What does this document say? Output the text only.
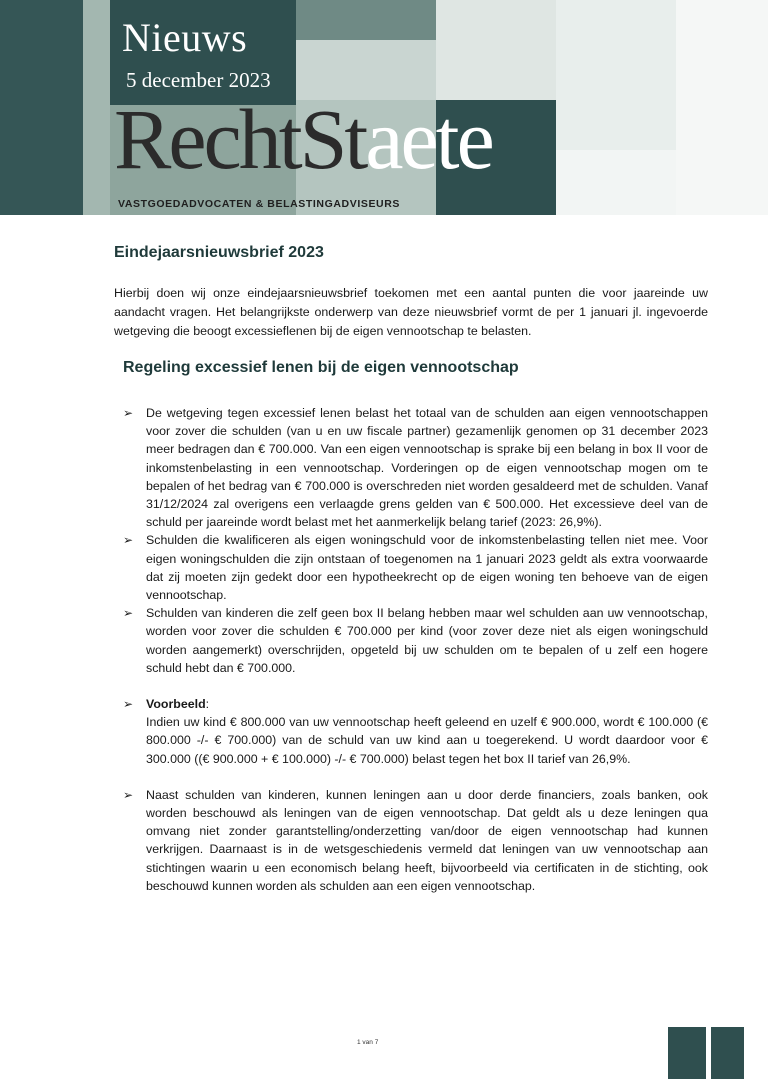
Nieuws
5 december 2023
RechtStaete
VASTGOEDADVOCATEN & BELASTINGADVISEURS
Eindejaarsnieuwsbrief 2023

Hierbij doen wij onze eindejaarsnieuwsbrief toekomen met een aantal punten die voor jaareinde uw aandacht vragen. Het belangrijkste onderwerp van deze nieuwsbrief vormt de per 1 januari jl. ingevoerde wetgeving die beoogt excessieflenen bij de eigen vennootschap te belasten.

Regeling excessief lenen bij de eigen vennootschap
➢ De wetgeving tegen excessief lenen belast het totaal van de schulden aan eigen vennootschappen voor zover die schulden (van u en uw fiscale partner) gezamenlijk genomen op 31 december 2023 meer bedragen dan € 700.000. Van een eigen vennootschap is sprake bij een belang in box II voor de inkomstenbelasting in een vennootschap. Vorderingen op de eigen vennootschap mogen om te bepalen of het bedrag van € 700.000 is overschreden niet worden gesaldeerd met de schulden. Vanaf 31/12/2024 zal overigens een verlaagde grens gelden van € 500.000. Het excessieve deel van de schuld per jaareinde wordt belast met het aanmerkelijk belang tarief (2023: 26,9%).
➢ Schulden die kwalificeren als eigen woningschuld voor de inkomstenbelasting tellen niet mee. Voor eigen woningschulden die zijn ontstaan of toegenomen na 1 januari 2023 geldt als extra voorwaarde dat zij moeten zijn gedekt door een hypotheekrecht op de eigen woning ten behoeve van de eigen vennootschap.
➢ Schulden van kinderen die zelf geen box II belang hebben maar wel schulden aan uw vennootschap, worden voor zover die schulden € 700.000 per kind (voor zover deze niet als eigen woningschuld worden aangemerkt) overschrijden, opgeteld bij uw schulden om te bepalen of u zelf een hogere schuld hebt dan € 700.000.
➢ Voorbeeld:
Indien uw kind € 800.000 van uw vennootschap heeft geleend en uzelf € 900.000, wordt € 100.000 (€ 800.000 -/- € 700.000) van de schuld van uw kind aan u toegerekend. U wordt daardoor voor € 300.000 ((€ 900.000 + € 100.000) -/- € 700.000) belast tegen het box II tarief van 26,9%.
➢ Naast schulden van kinderen, kunnen leningen aan u door derde financiers, zoals banken, ook worden beschouwd als leningen van de eigen vennootschap. Dat geldt als u deze leningen qua omvang niet zonder garantstelling/onderzetting van/door de eigen vennootschap had kunnen verkrijgen. Daarnaast is in de wetsgeschiedenis vermeld dat leningen van uw vennootschap aan stichtingen waarin u een economisch belang heeft, bijvoorbeeld via certificaten in de stichting, ook beschouwd kunnen worden als schulden aan een eigen vennootschap.
1 van 7
